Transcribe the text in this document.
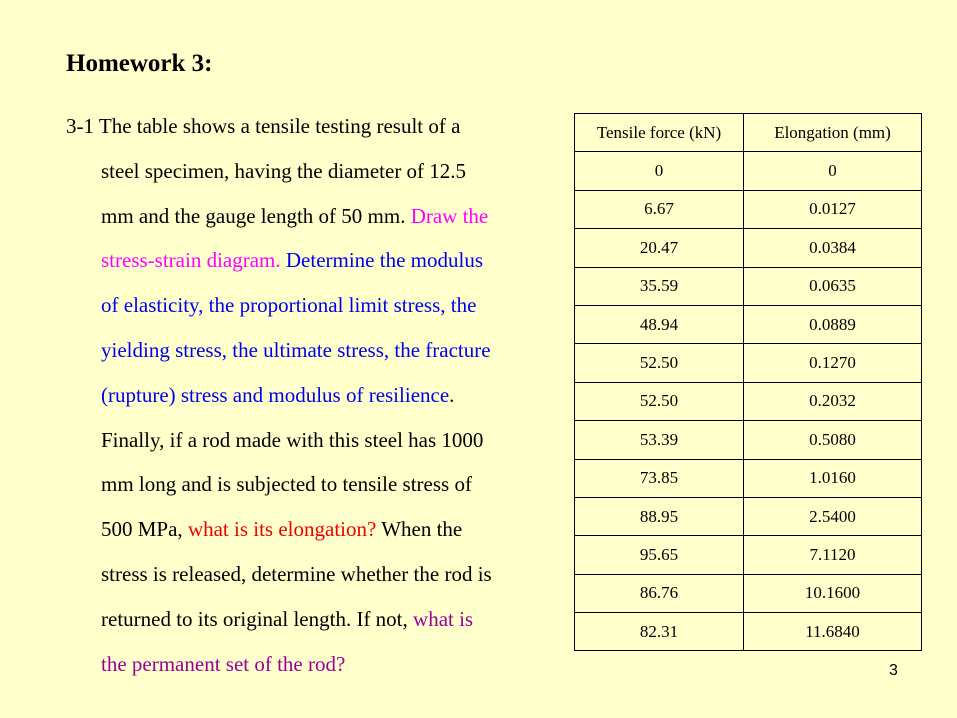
Homework 3:
3-1 The table shows a tensile testing result of a
steel specimen, having the diameter of 12.5
mm and the gauge length of 50 mm. Draw the
stress-strain diagram. Determine the modulus
of elasticity, the proportional limit stress, the
yielding stress, the ultimate stress, the fracture
(rupture) stress and modulus of resilience.
Finally, if a rod made with this steel has 1000
mm long and is subjected to tensile stress of
500 MPa, what is its elongation? When the
stress is released, determine whether the rod is
returned to its original length. If not, what is
the permanent set of the rod?
Tensile force (kN)	Elongation (mm)
0	0
6.67	0.0127
20.47	0.0384
35.59	0.0635
48.94	0.0889
52.50	0.1270
52.50	0.2032
53.39	0.5080
73.85	1.0160
88.95	2.5400
95.65	7.1120
86.76	10.1600
82.31	11.6840
3
